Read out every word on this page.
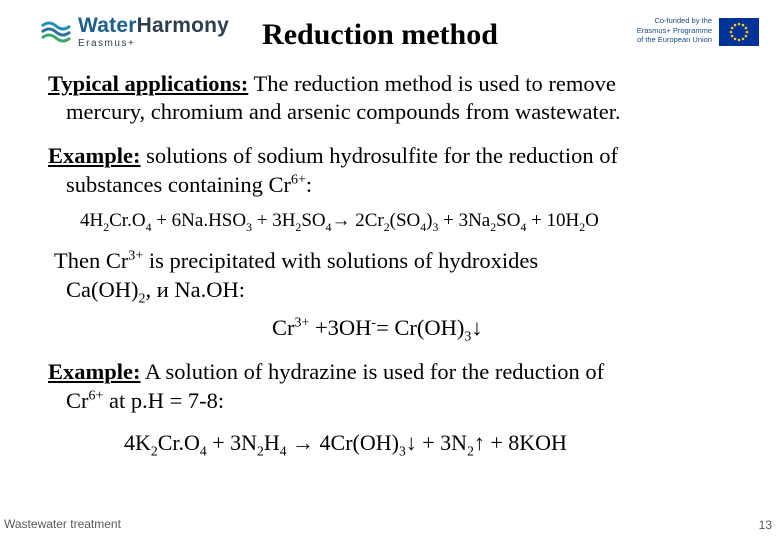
WaterHarmony
Erasmus+	Reduction method	Co-funded by the
Erasmus+ Programme
of the European Union
Typical applications: The reduction method is used to remove
mercury, chromium and arsenic compounds from wastewater.
Example: solutions of sodium hydrosulfite for the reduction of
substances containing $Cr^{6+}$:
$4H_2Cr.O_4 + 6Na.HSO_3 + 3H_2SO_4\to 2Cr_2(SO_4)_3 + 3Na_2SO_4 + 10H_2O$
Then $Cr^{3+}$ is precipitated with solutions of hydroxides
$Ca(OH)_2$, и Na.OH:
$Cr^{3+} +3OH^-=$ $Cr(OH)_3↓$
Example: A solution of hydrazine is used for the reduction of
$Cr^{6+}$ at p.H = 7-8:
$4K_2Cr.O_4 + 3N_2H_4$ → $4Cr(OH)_3↓$ + $3N_2↑ + 8KOH$
Wastewater treatment	13
